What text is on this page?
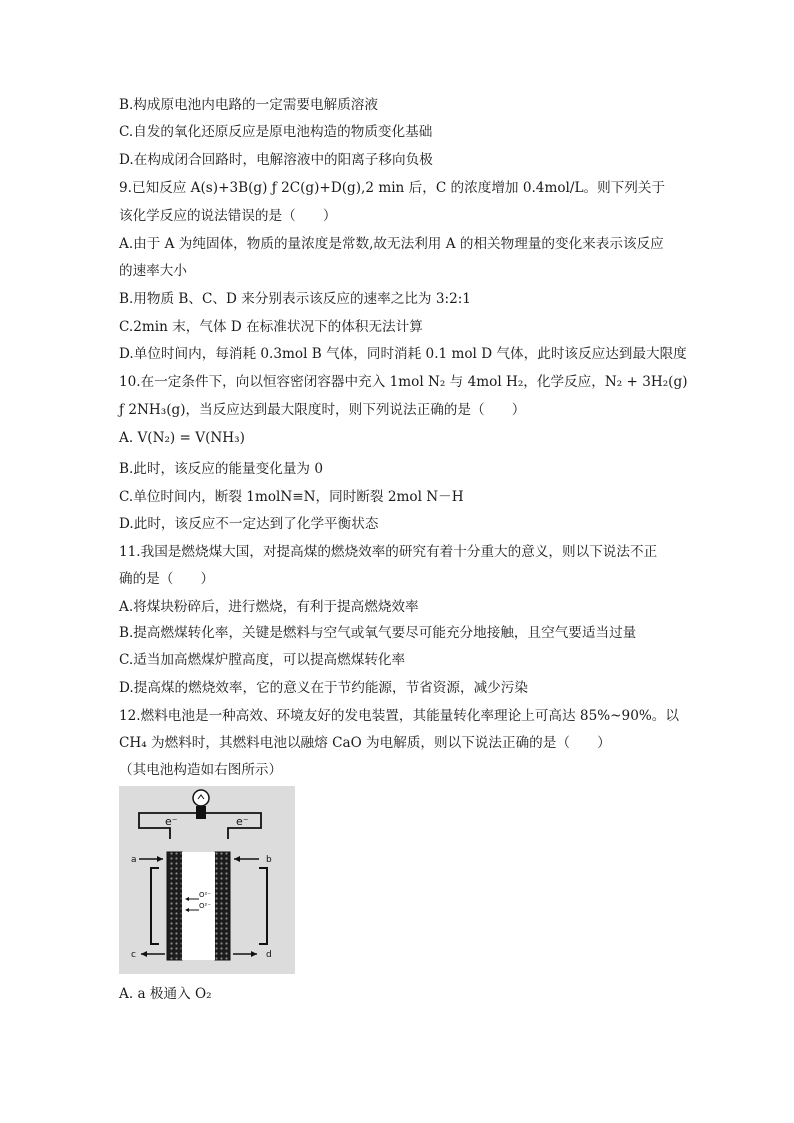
B.构成原电池内电路的一定需要电解质溶液
C.自发的氧化还原反应是原电池构造的物质变化基础
D.在构成闭合回路时，电解溶液中的阳离子移向负极
9.已知反应 A(s)+3B(g) ƒ 2C(g)+D(g),2 min 后，C 的浓度增加 0.4mol/L。则下列关于
该化学反应的说法错误的是（　　）
A.由于 A 为纯固体，物质的量浓度是常数,故无法利用 A 的相关物理量的变化来表示该反应
的速率大小
B.用物质 B、C、D 来分别表示该反应的速率之比为 3:2:1
C.2min 末，气体 D 在标准状况下的体积无法计算
D.单位时间内，每消耗 0.3mol B 气体，同时消耗 0.1 mol D 气体，此时该反应达到最大限度
10.在一定条件下，向以恒容密闭容器中充入 1mol N₂ 与 4mol H₂，化学反应，N₂ + 3H₂(g)
ƒ 2NH₃(g)，当反应达到最大限度时，则下列说法正确的是（　　）
A. V(N₂) = V(NH₃)
B.此时，该反应的能量变化量为 0
C.单位时间内，断裂 1molN≡N，同时断裂 2mol N－H
D.此时，该反应不一定达到了化学平衡状态
11.我国是燃烧煤大国，对提高煤的燃烧效率的研究有着十分重大的意义，则以下说法不正
确的是（　　）
A.将煤块粉碎后，进行燃烧，有利于提高燃烧效率
B.提高燃煤转化率，关键是燃料与空气或氧气要尽可能充分地接触，且空气要适当过量
C.适当加高燃煤炉膛高度，可以提高燃煤转化率
D.提高煤的燃烧效率，它的意义在于节约能源，节省资源，减少污染
12.燃料电池是一种高效、环境友好的发电装置，其能量转化率理论上可高达 85%~90%。以
CH₄ 为燃料时，其燃料电池以融熔 CaO 为电解质，则以下说法正确的是（　　）
（其电池构造如右图所示）
e⁻	e⁻
a	b
c	d
O²⁻
O²⁻
A. a 极通入 O₂
